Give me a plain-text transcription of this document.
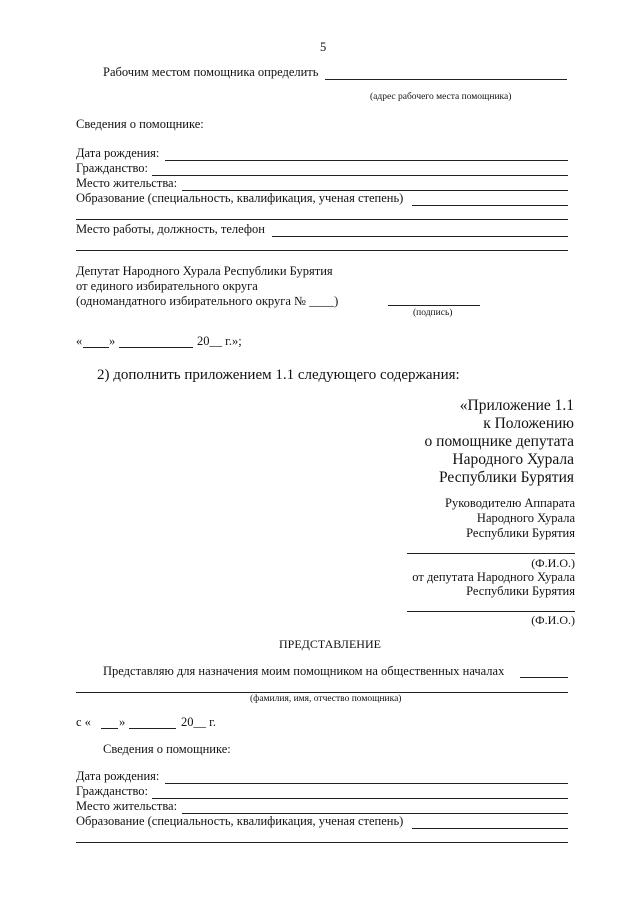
5
Рабочим местом помощника определить
(адрес рабочего места помощника)
Сведения о помощнике:
Дата рождения:
Гражданство:
Место жительства:
Образование (специальность, квалификация, ученая степень)
Место работы, должность, телефон
Депутат Народного Хурала Республики Бурятия
от единого избирательного округа
(одномандатного избирательного округа № ____)
(подпись)
« »	20__ г.»;
2) дополнить приложением 1.1 следующего содержания:
«Приложение 1.1
к Положению
о помощнике депутата
Народного Хурала
Республики Бурятия
Руководителю Аппарата
Народного Хурала
Республики Бурятия
(Ф.И.О.)
от депутата Народного Хурала
Республики Бурятия
(Ф.И.О.)
ПРЕДСТАВЛЕНИЕ
Представляю для назначения моим помощником на общественных началах
(фамилия, имя, отчество помощника)
с « »	20__ г.
Сведения о помощнике:
Дата рождения:
Гражданство:
Место жительства:
Образование (специальность, квалификация, ученая степень)
